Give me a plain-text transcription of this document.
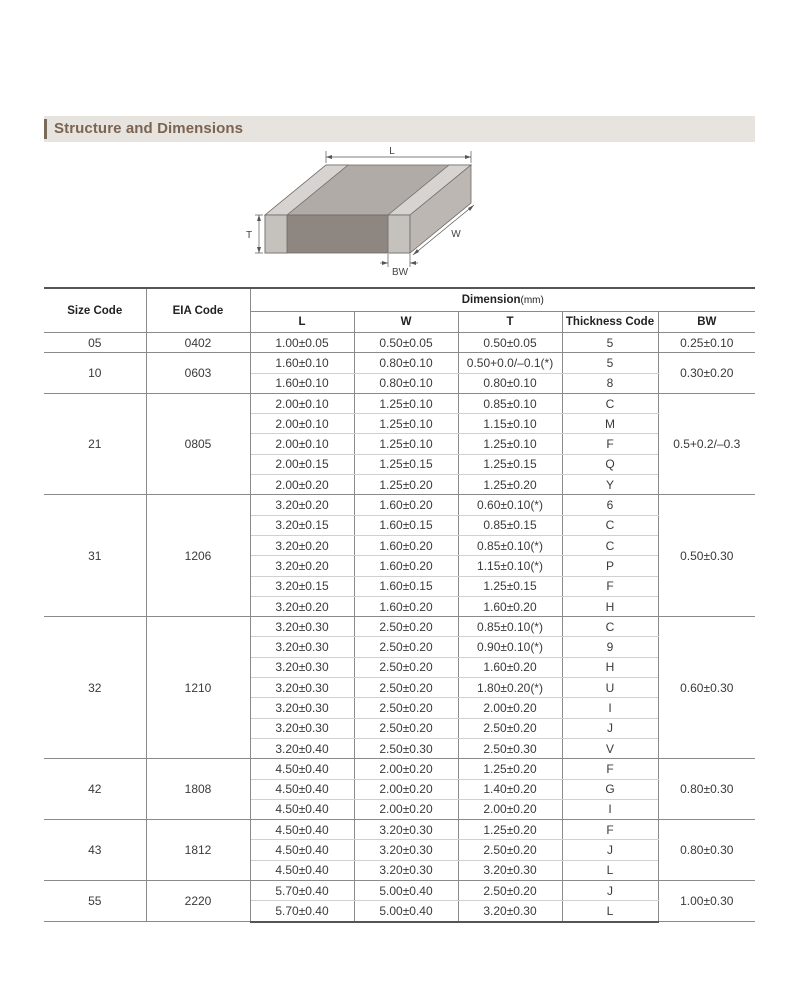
Structure and Dimensions
L
T	W
BW
Size Code	EIA Code	Dimension(mm)				
		L	W	T	Thickness Code	BW
05	0402	1.00±0.05	0.50±0.05	0.50±0.05	5	0.25±0.10
10	0603	1.60±0.10	0.80±0.10	0.50+0.0/–0.1(*)	5	0.30±0.20
		1.60±0.10	0.80±0.10	0.80±0.10	8	
21	0805	2.00±0.10	1.25±0.10	0.85±0.10	C	0.5+0.2/–0.3
		2.00±0.10	1.25±0.10	1.15±0.10	M	
		2.00±0.10	1.25±0.10	1.25±0.10	F	
		2.00±0.15	1.25±0.15	1.25±0.15	Q	
		2.00±0.20	1.25±0.20	1.25±0.20	Y	
31	1206	3.20±0.20	1.60±0.20	0.60±0.10(*)	6	0.50±0.30
		3.20±0.15	1.60±0.15	0.85±0.15	C	
		3.20±0.20	1.60±0.20	0.85±0.10(*)	C	
		3.20±0.20	1.60±0.20	1.15±0.10(*)	P	
		3.20±0.15	1.60±0.15	1.25±0.15	F	
		3.20±0.20	1.60±0.20	1.60±0.20	H	
32	1210	3.20±0.30	2.50±0.20	0.85±0.10(*)	C	0.60±0.30
		3.20±0.30	2.50±0.20	0.90±0.10(*)	9	
		3.20±0.30	2.50±0.20	1.60±0.20	H	
		3.20±0.30	2.50±0.20	1.80±0.20(*)	U	
		3.20±0.30	2.50±0.20	2.00±0.20	I	
		3.20±0.30	2.50±0.20	2.50±0.20	J	
		3.20±0.40	2.50±0.30	2.50±0.30	V	
42	1808	4.50±0.40	2.00±0.20	1.25±0.20	F	0.80±0.30
		4.50±0.40	2.00±0.20	1.40±0.20	G	
		4.50±0.40	2.00±0.20	2.00±0.20	I	
43	1812	4.50±0.40	3.20±0.30	1.25±0.20	F	0.80±0.30
		4.50±0.40	3.20±0.30	2.50±0.20	J	
		4.50±0.40	3.20±0.30	3.20±0.30	L	
55	2220	5.70±0.40	5.00±0.40	2.50±0.20	J	1.00±0.30
		5.70±0.40	5.00±0.40	3.20±0.30	L	
